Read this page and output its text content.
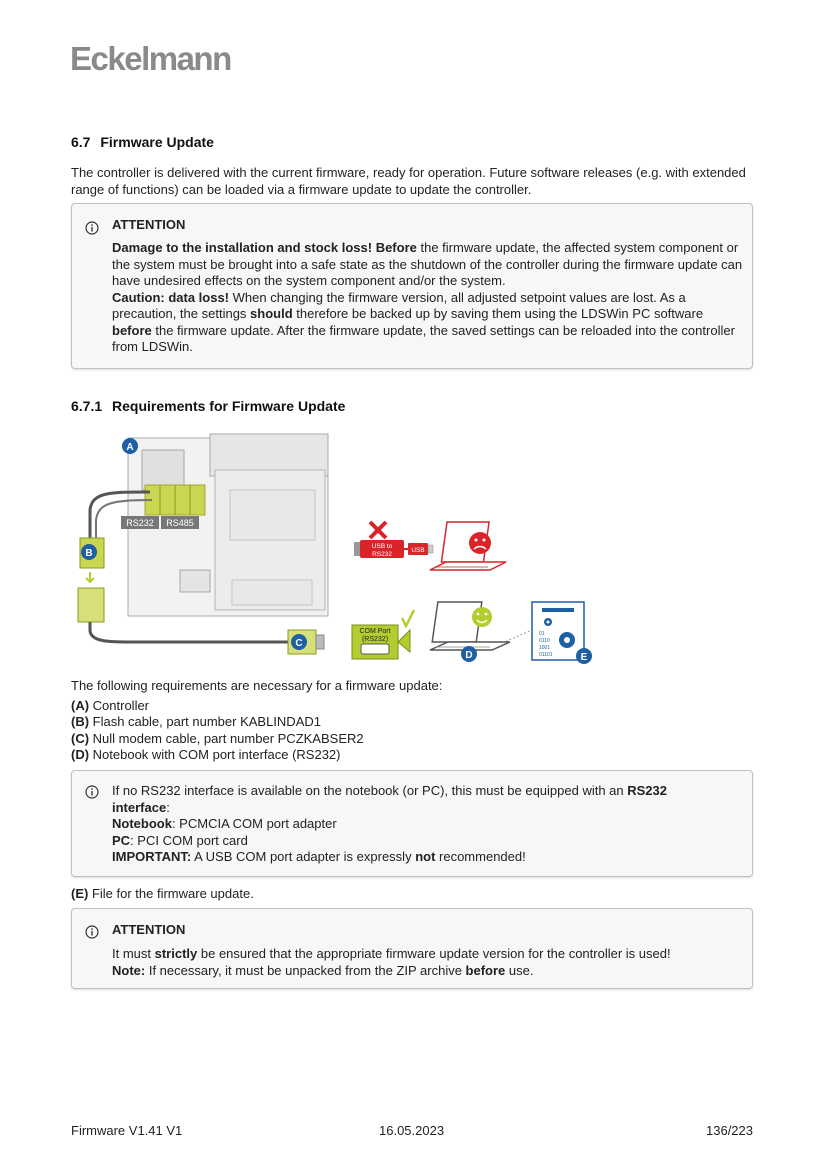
Eckelmann
6.7 Firmware Update
The controller is delivered with the current firmware, ready for operation. Future software releases (e.g. with extended range of functions) can be loaded via a firmware update to update the controller.
ATTENTION
Damage to the installation and stock loss! Before the firmware update, the affected system component or the system must be brought into a safe state as the shutdown of the controller during the firmware update can have undesired effects on the system component and/or the system.
Caution: data loss! When changing the firmware version, all adjusted setpoint values are lost. As a precaution, the settings should therefore be backed up by saving them using the LDSWin PC software before the firmware update. After the firmware update, the saved settings can be reloaded into the controller from LDSWin.
6.7.1 Requirements for Firmware Update
RS232 RS485
A
B
C
USB to
RS232
USB
COM Port
(RS232)
D
01
0110
1001
01101	E
The following requirements are necessary for a firmware update:
(A) Controller
(B) Flash cable, part number KABLINDAD1
(C) Null modem cable, part number PCZKABSER2
(D) Notebook with COM port interface (RS232)
If no RS232 interface is available on the notebook (or PC), this must be equipped with an RS232
interface:
Notebook: PCMCIA COM port adapter
PC: PCI COM port card
IMPORTANT: A USB COM port adapter is expressly not recommended!
(E) File for the firmware update.
ATTENTION
It must strictly be ensured that the appropriate firmware update version for the controller is used!
Note: If necessary, it must be unpacked from the ZIP archive before use.
Firmware V1.41 V1	16.05.2023	136/223
